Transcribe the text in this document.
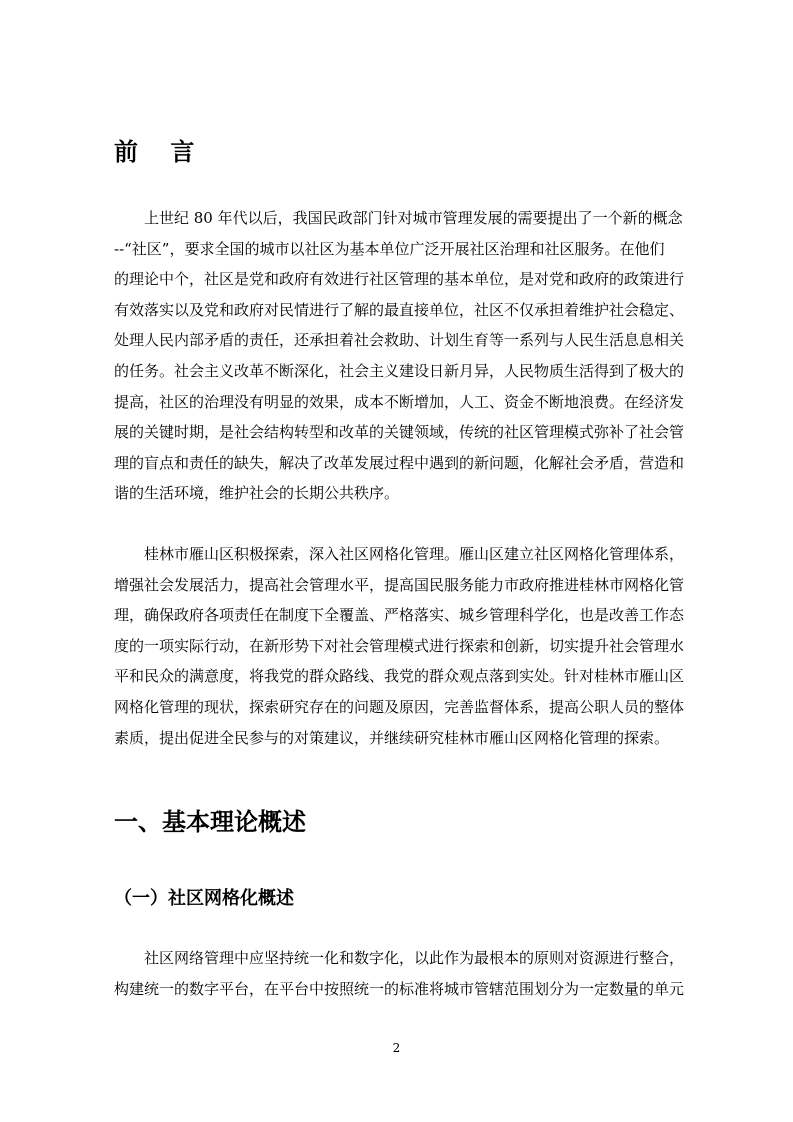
前 言
上世纪 80 年代以后，我国民政部门针对城市管理发展的需要提出了一个新的概念
--“社区”，要求全国的城市以社区为基本单位广泛开展社区治理和社区服务。在他们
的理论中个，社区是党和政府有效进行社区管理的基本单位，是对党和政府的政策进行
有效落实以及党和政府对民情进行了解的最直接单位，社区不仅承担着维护社会稳定、
处理人民内部矛盾的责任，还承担着社会救助、计划生育等一系列与人民生活息息相关
的任务。社会主义改革不断深化，社会主义建设日新月异，人民物质生活得到了极大的
提高，社区的治理没有明显的效果，成本不断增加，人工、资金不断地浪费。在经济发
展的关键时期，是社会结构转型和改革的关键领域，传统的社区管理模式弥补了社会管
理的盲点和责任的缺失，解决了改革发展过程中遇到的新问题，化解社会矛盾，营造和
谐的生活环境，维护社会的长期公共秩序。
桂林市雁山区积极探索，深入社区网格化管理。雁山区建立社区网格化管理体系，
增强社会发展活力，提高社会管理水平，提高国民服务能力市政府推进桂林市网格化管
理，确保政府各项责任在制度下全覆盖、严格落实、城乡管理科学化，也是改善工作态
度的一项实际行动，在新形势下对社会管理模式进行探索和创新，切实提升社会管理水
平和民众的满意度，将我党的群众路线、我党的群众观点落到实处。针对桂林市雁山区
网格化管理的现状，探索研究存在的问题及原因，完善监督体系，提高公职人员的整体
素质，提出促进全民参与的对策建议，并继续研究桂林市雁山区网格化管理的探索。
一、基本理论概述
（一）社区网格化概述
社区网络管理中应坚持统一化和数字化，以此作为最根本的原则对资源进行整合，
构建统一的数字平台，在平台中按照统一的标准将城市管辖范围划分为一定数量的单元
2
